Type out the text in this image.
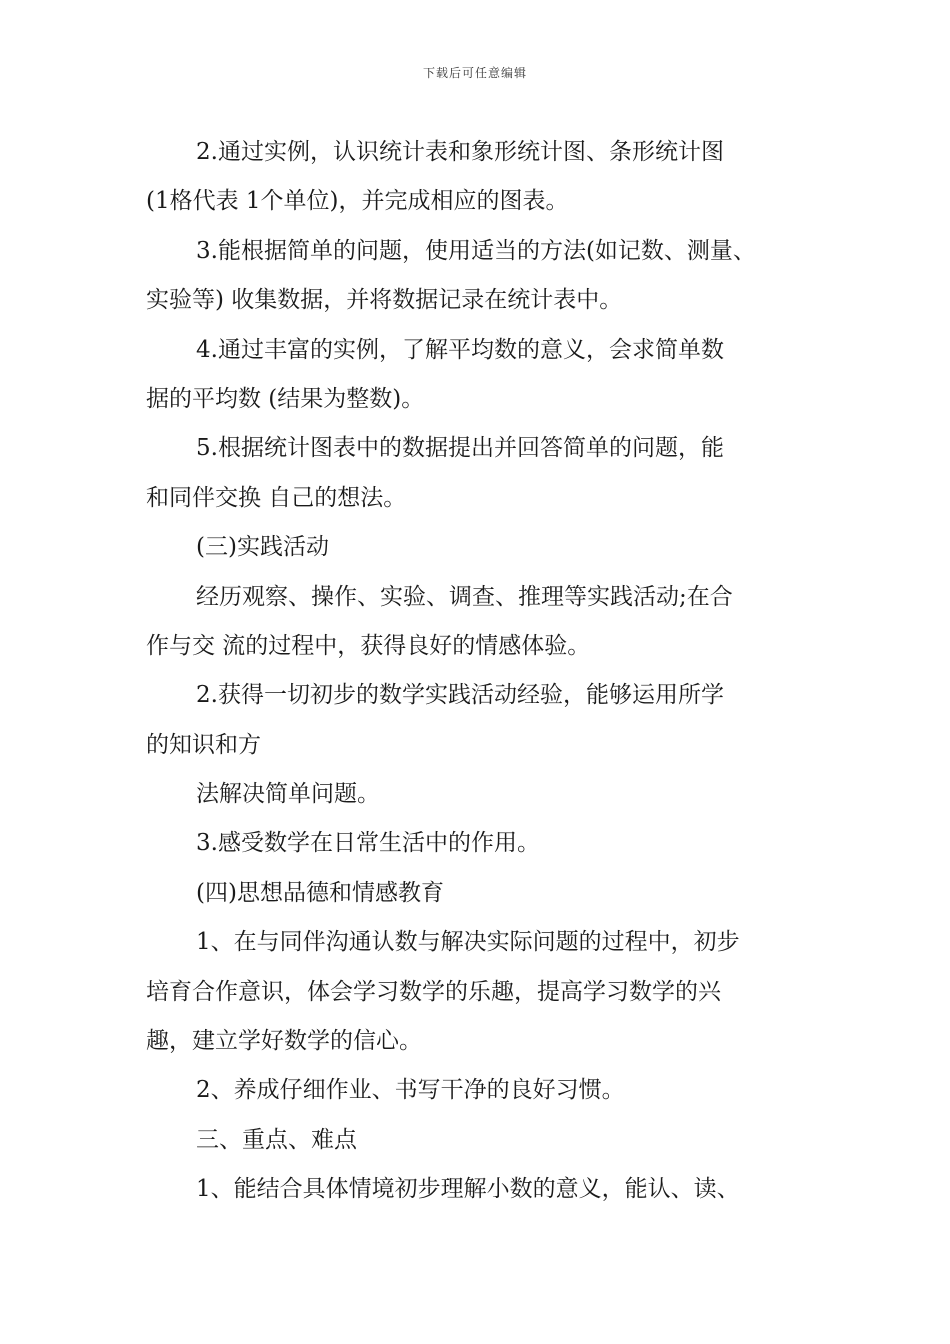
下载后可任意编辑
2.通过实例，认识统计表和象形统计图、条形统计图
(1格代表 1个单位)，并完成相应的图表。
3.能根据简单的问题，使用适当的方法(如记数、测量、
实验等) 收集数据，并将数据记录在统计表中。
4.通过丰富的实例，了解平均数的意义，会求简单数
据的平均数 (结果为整数)。
5.根据统计图表中的数据提出并回答简单的问题，能
和同伴交换 自己的想法。
(三)实践活动
经历观察、操作、实验、调查、推理等实践活动;在合
作与交 流的过程中，获得良好的情感体验。
2.获得一切初步的数学实践活动经验，能够运用所学
的知识和方
法解决简单问题。
3.感受数学在日常生活中的作用。
(四)思想品德和情感教育
1、在与同伴沟通认数与解决实际问题的过程中，初步
培育合作意识，体会学习数学的乐趣，提高学习数学的兴
趣，建立学好数学的信心。
2、养成仔细作业、书写干净的良好习惯。
三、重点、难点
1、能结合具体情境初步理解小数的意义，能认、读、
